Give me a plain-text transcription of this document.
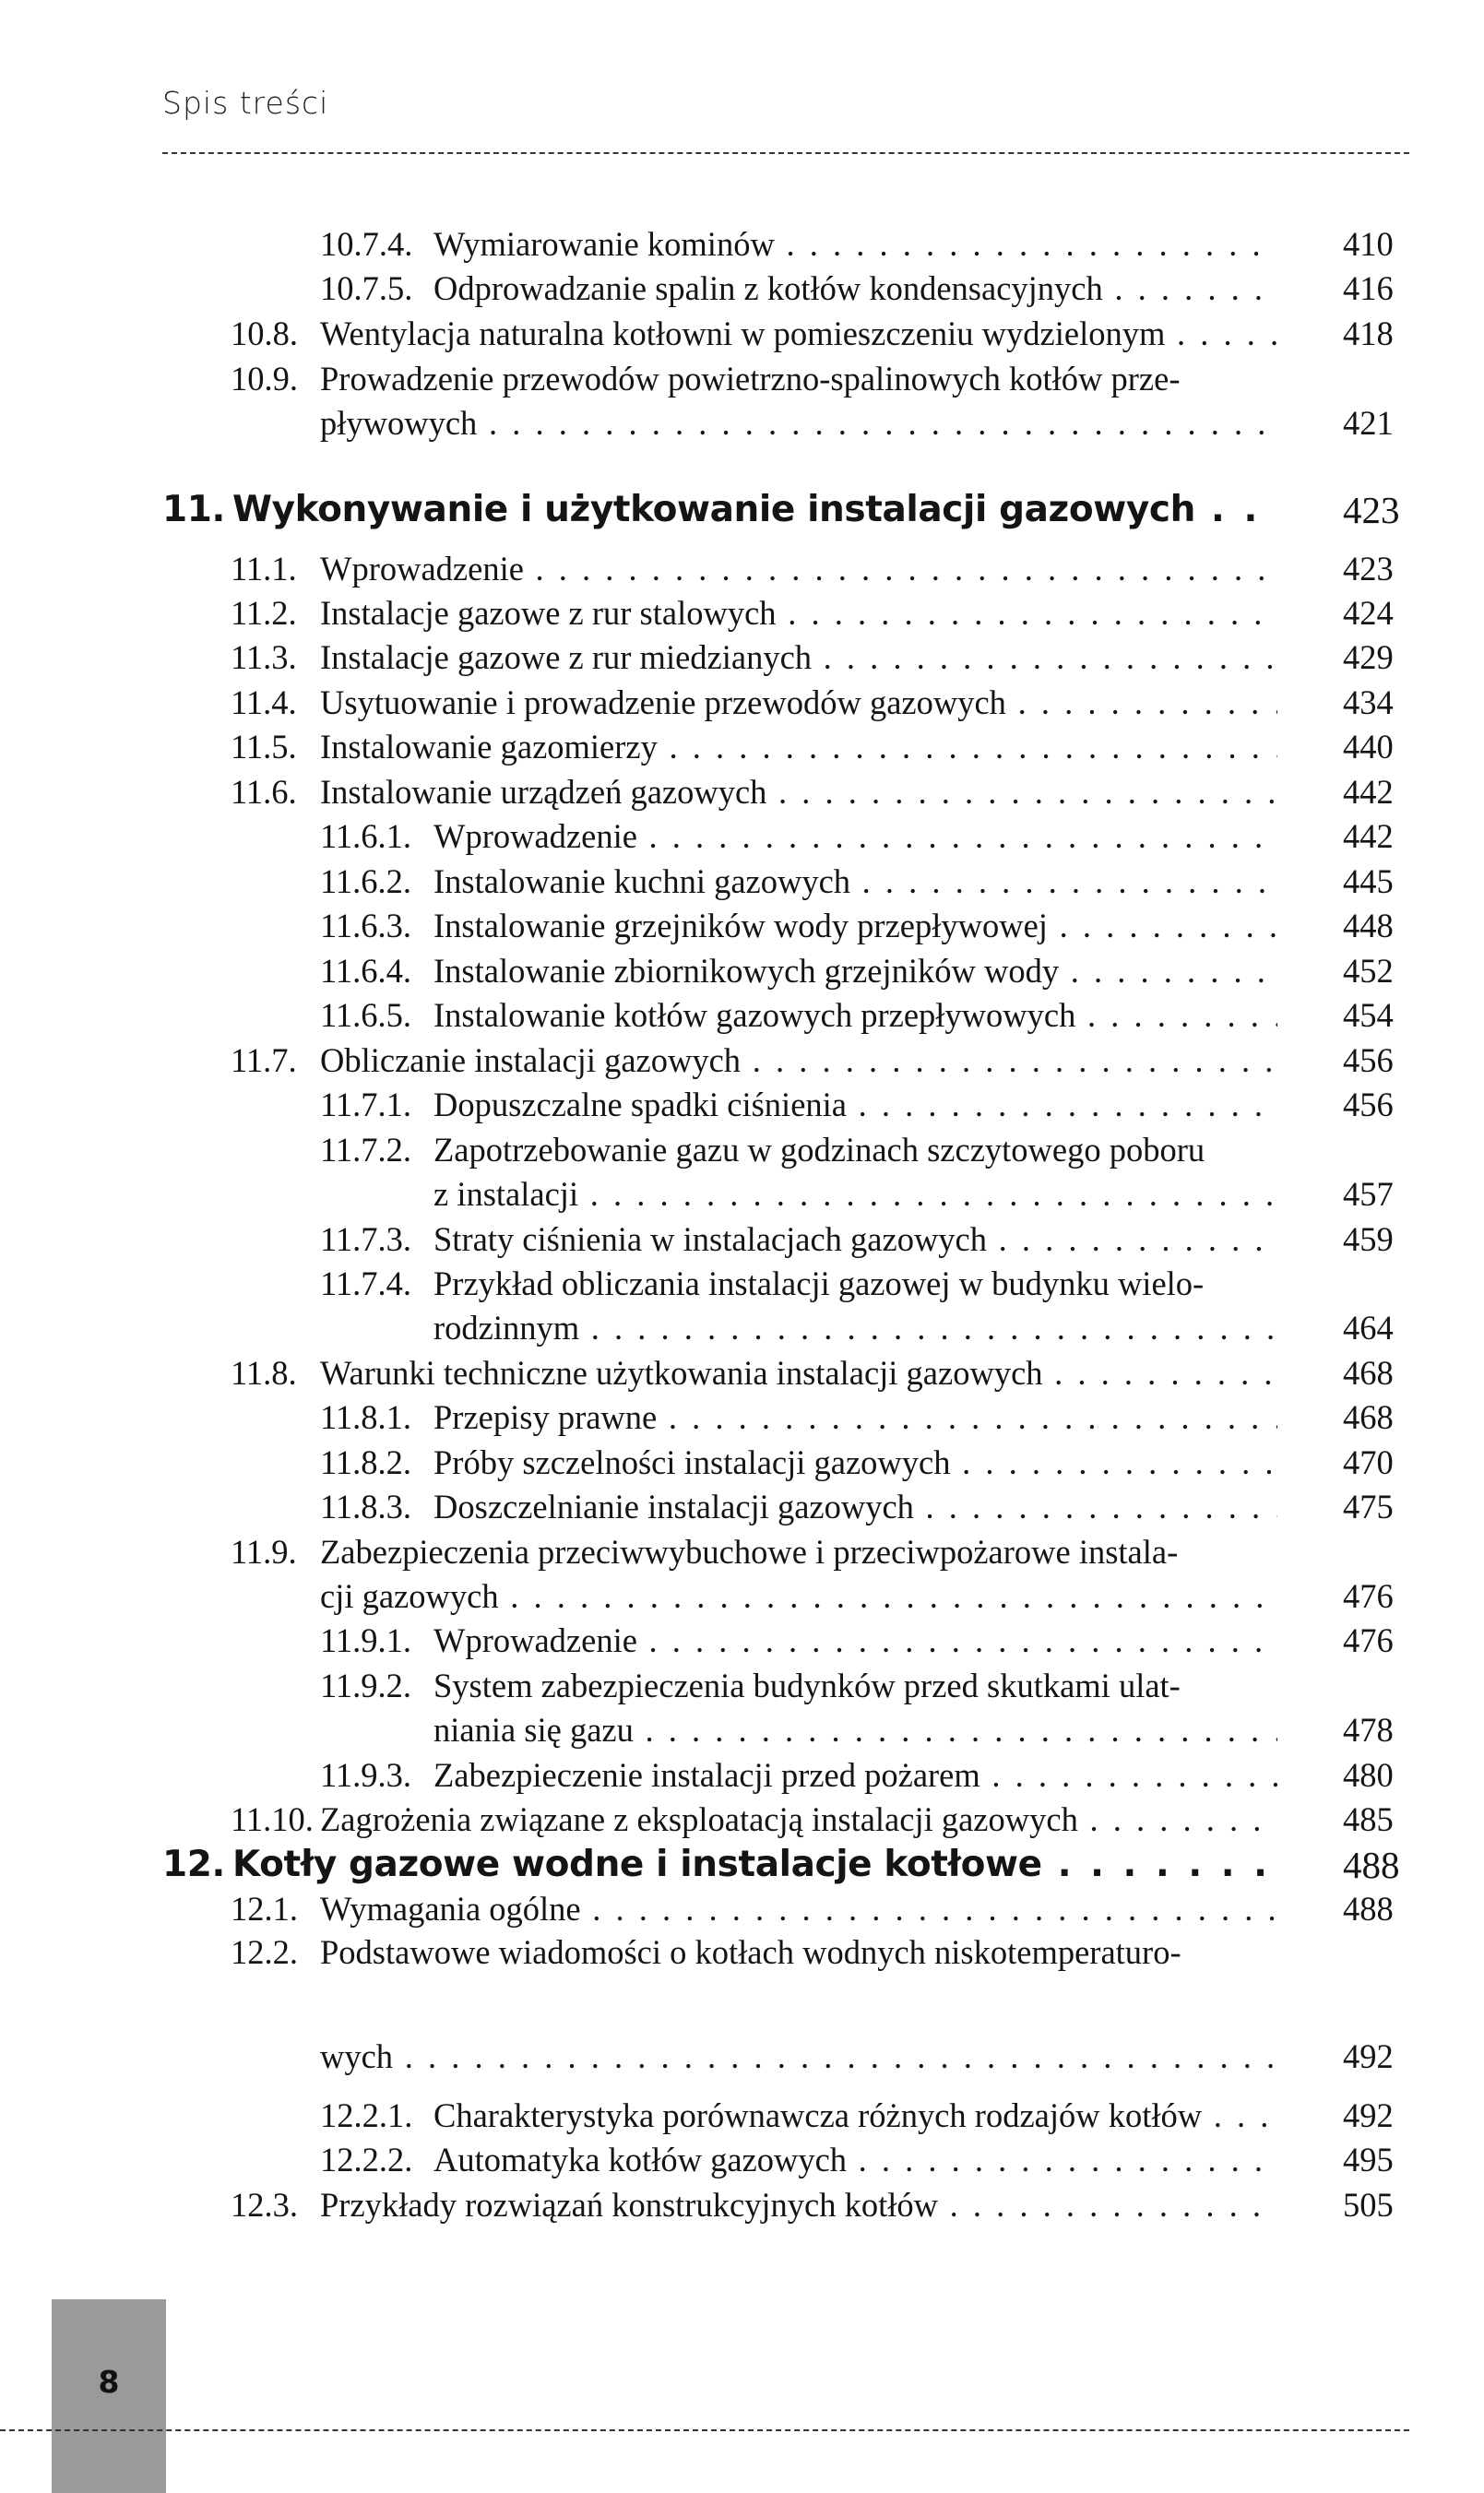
Spis treści
10.7.4. Wymiarowanie kominów . . .	410
10.7.5. Odprowadzanie spalin z kotłów kondensacyjnych . . .	416
10.8. Wentylacja naturalna kotłowni w pomieszczeniu wydzielonym . . .	418
10.9. Prowadzenie przewodów powietrzno-spalinowych kotłów prze-
pływowych . . .	421
11. Wykonywanie i użytkowanie instalacji gazowych . . .	423
11.1. Wprowadzenie . . .	423
11.2. Instalacje gazowe z rur stalowych . . .	424
11.3. Instalacje gazowe z rur miedzianych . . .	429
11.4. Usytuowanie i prowadzenie przewodów gazowych . . .	434
11.5. Instalowanie gazomierzy . . .	440
11.6. Instalowanie urządzeń gazowych . . .	442
11.6.1. Wprowadzenie . . .	442
11.6.2. Instalowanie kuchni gazowych . . .	445
11.6.3. Instalowanie grzejników wody przepływowej . . .	448
11.6.4. Instalowanie zbiornikowych grzejników wody . . .	452
11.6.5. Instalowanie kotłów gazowych przepływowych . . .	454
11.7. Obliczanie instalacji gazowych . . .	456
11.7.1. Dopuszczalne spadki ciśnienia . . .	456
11.7.2. Zapotrzebowanie gazu w godzinach szczytowego poboru
z instalacji . . .	457
11.7.3. Straty ciśnienia w instalacjach gazowych . . .	459
11.7.4. Przykład obliczania instalacji gazowej w budynku wielo-
rodzinnym . . .	464
11.8. Warunki techniczne użytkowania instalacji gazowych . . .	468
11.8.1. Przepisy prawne . . .	468
11.8.2. Próby szczelności instalacji gazowych . . .	470
11.8.3. Doszczelnianie instalacji gazowych . . .	475
11.9. Zabezpieczenia przeciwwybuchowe i przeciwpożarowe instala-
cji gazowych . . .	476
11.9.1. Wprowadzenie . . .	476
11.9.2. System zabezpieczenia budynków przed skutkami ulat-
niania się gazu . . .	478
11.9.3. Zabezpieczenie instalacji przed pożarem . . .	480
11.10. Zagrożenia związane z eksploatacją instalacji gazowych . . .	485
12. Kotły gazowe wodne i instalacje kotłowe . . .	488
12.1. Wymagania ogólne . . .	488
12.2. Podstawowe wiadomości o kotłach wodnych niskotemperaturo-
wych . . .	492
12.2.1. Charakterystyka porównawcza różnych rodzajów kotłów . . .	492
12.2.2. Automatyka kotłów gazowych . . .	495
12.3. Przykłady rozwiązań konstrukcyjnych kotłów . . .	505
8
